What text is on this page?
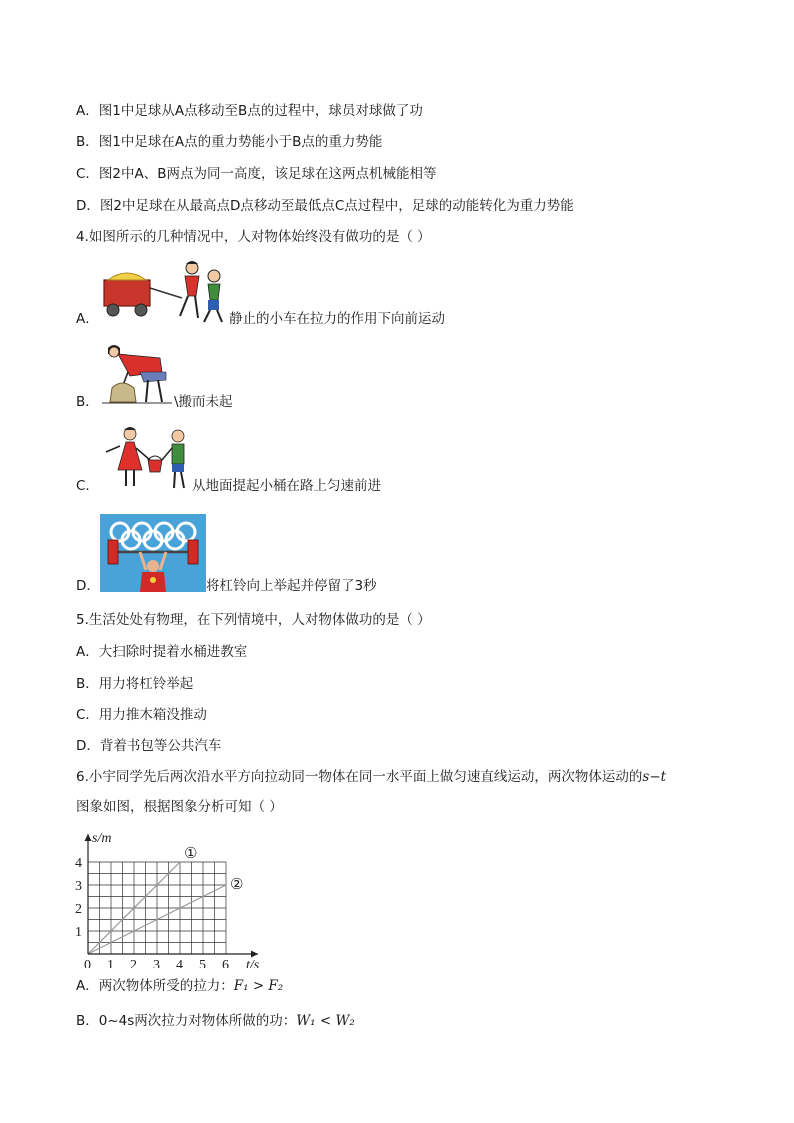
A．图1中足球从A点移动至B点的过程中，球员对球做了功
B．图1中足球在A点的重力势能小于B点的重力势能
C．图2中A、B两点为同一高度，该足球在这两点机械能相等
D．图2中足球在从最高点D点移动至最低点C点过程中，足球的动能转化为重力势能
4.如图所示的几种情况中，人对物体始终没有做功的是（ ）
A．	静止的小车在拉力的作用下向前运动
B．	\搬而未起
C．	从地面提起小桶在路上匀速前进
D．	将杠铃向上举起并停留了3秒
5.生活处处有物理，在下列情境中，人对物体做功的是（ ）
A．大扫除时提着水桶进教室
B．用力将杠铃举起
C．用力推木箱没推动
D．背着书包等公共汽车
6.小宇同学先后两次沿水平方向拉动同一物体在同一水平面上做匀速直线运动，两次物体运动的s−t
图象如图，根据图象分析可知（ ）
①
②
0 1 2 3 4 5 6
1
2
3
4
t/s
s/m
A．两次物体所受的拉力：F₁ > F₂
B．0~4s两次拉力对物体所做的功：W₁ < W₂
